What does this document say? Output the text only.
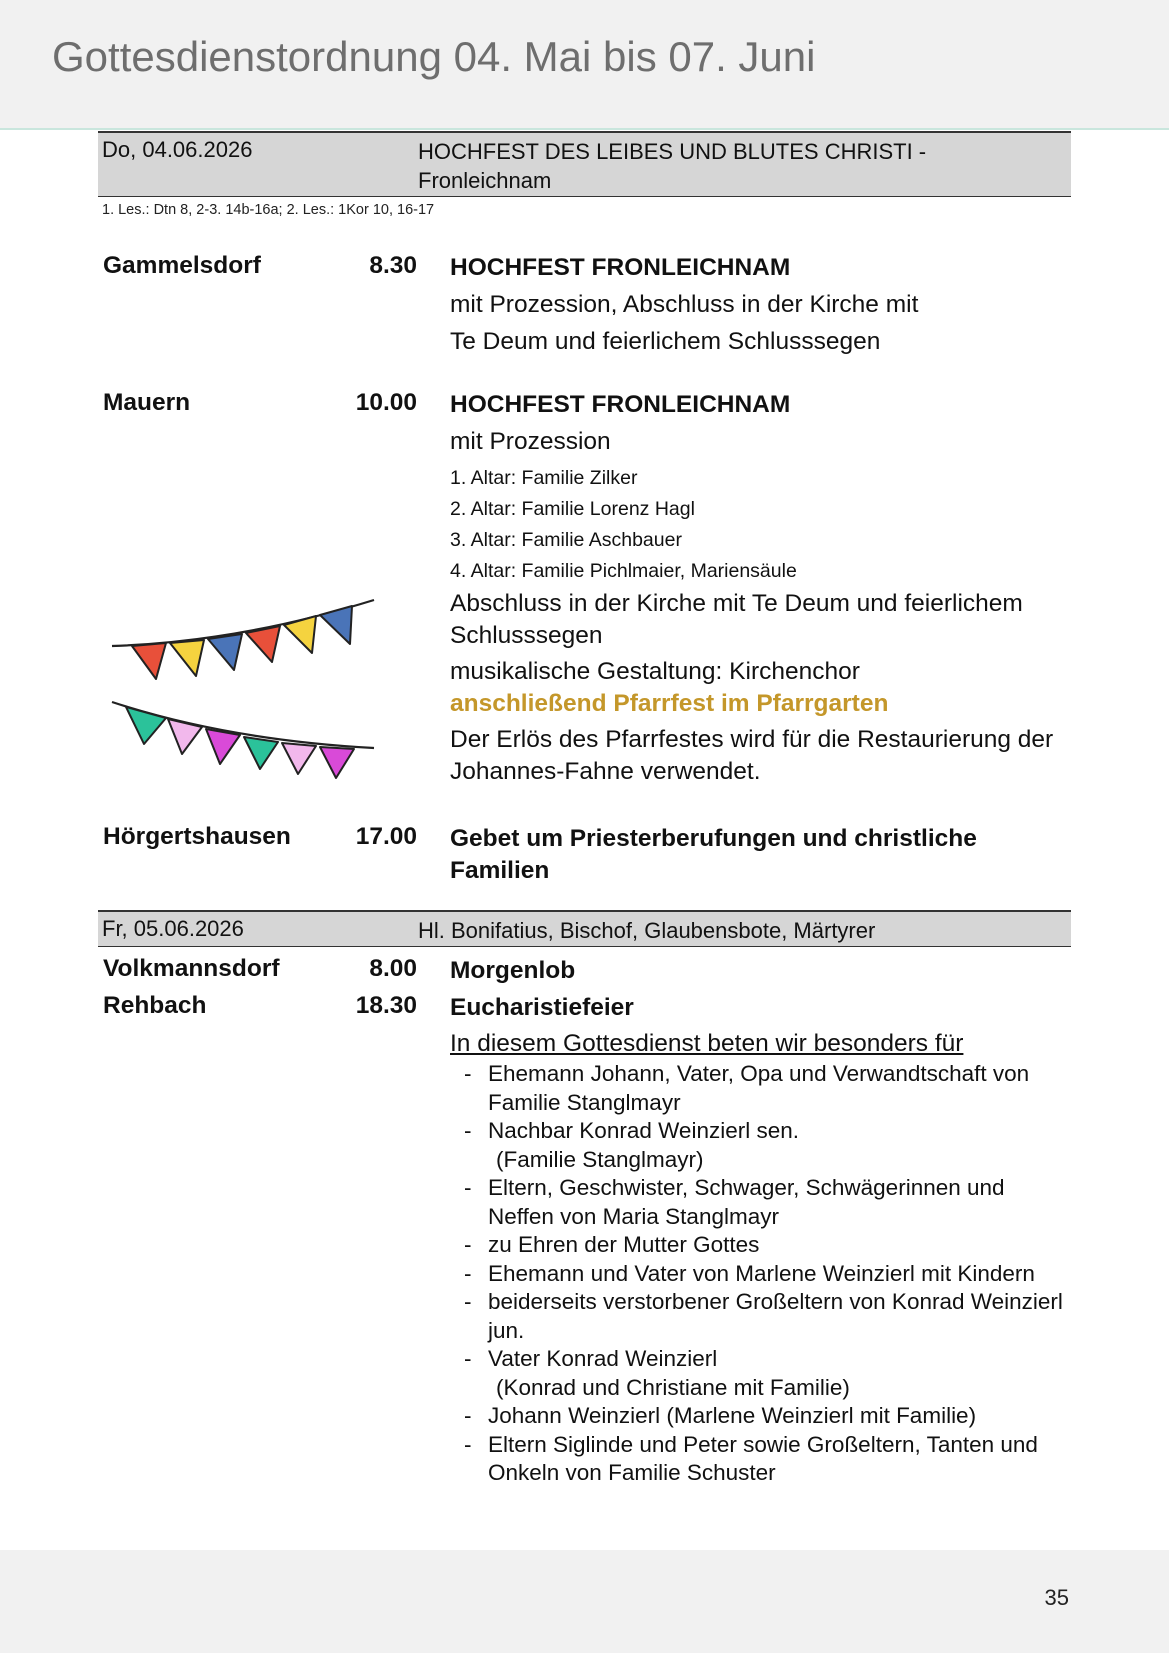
Gottesdienstordnung 04. Mai bis 07. Juni
Do, 04.06.2026	HOCHFEST DES LEIBES UND BLUTES CHRISTI - Fronleichnam
1. Les.: Dtn 8, 2-3. 14b-16a; 2. Les.: 1Kor 10, 16-17
Gammelsdorf	8.30 HOCHFEST FRONLEICHNAM
mit Prozession, Abschluss in der Kirche mit
Te Deum und feierlichem Schlusssegen
Mauern	10.00 HOCHFEST FRONLEICHNAM
mit Prozession
1. Altar: Familie Zilker
2. Altar: Familie Lorenz Hagl
3. Altar: Familie Aschbauer
4. Altar: Familie Pichlmaier, Mariensäule

Abschluss in der Kirche mit Te Deum und feierlichem Schlusssegen

musikalische Gestaltung: Kirchenchor

anschließend Pfarrfest im Pfarrgarten

Der Erlös des Pfarrfestes wird für die Restaurierung der Johannes-Fahne verwendet.

Hörgertshausen	17.00 Gebet um Priesterberufungen und christliche Familien
Fr, 05.06.2026	Hl. Bonifatius, Bischof, Glaubensbote, Märtyrer
Volkmannsdorf	8.00 Morgenlob
Rehbach	18.30 Eucharistiefeier
In diesem Gottesdienst beten wir besonders für
- Ehemann Johann, Vater, Opa und Verwandtschaft von Familie Stanglmayr
- Nachbar Konrad Weinzierl sen.
(Familie Stanglmayr)
- Eltern, Geschwister, Schwager, Schwägerinnen und Neffen von Maria Stanglmayr
- zu Ehren der Mutter Gottes
- Ehemann und Vater von Marlene Weinzierl mit Kindern
- beiderseits verstorbener Großeltern von Konrad Weinzierl jun.
- Vater Konrad Weinzierl
(Konrad und Christiane mit Familie)
- Johann Weinzierl (Marlene Weinzierl mit Familie)
- Eltern Siglinde und Peter sowie Großeltern, Tanten und Onkeln von Familie Schuster
35
